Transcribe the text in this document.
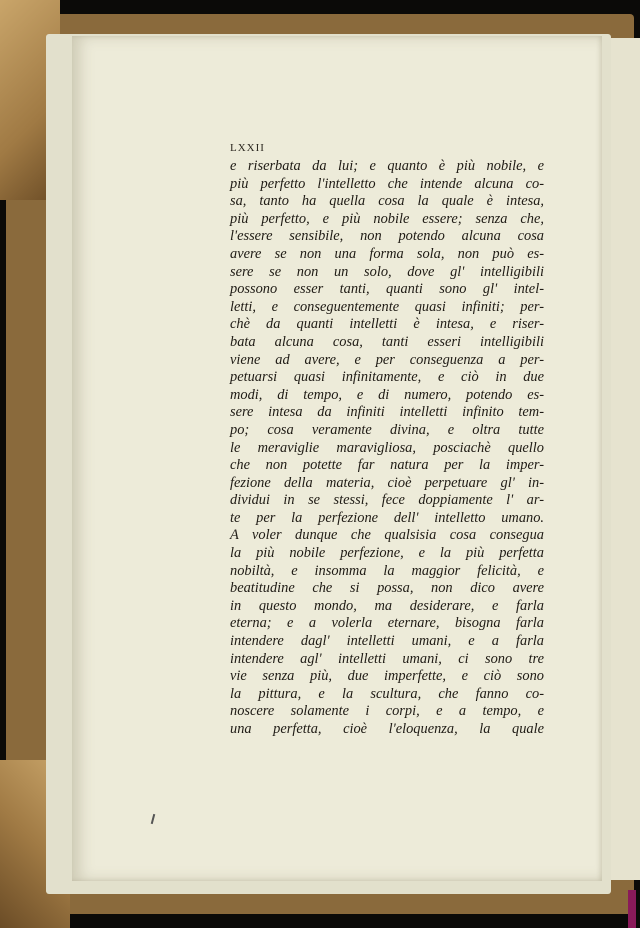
LXXII
e riserbata da lui; e quanto è più nobile, e
più perfetto l'intelletto che intende alcuna co-
sa, tanto ha quella cosa la quale è intesa,
più perfetto, e più nobile essere; senza che,
l'essere sensibile, non potendo alcuna cosa
avere se non una forma sola, non può es-
sere se non un solo, dove gl' intelligibili
possono esser tanti, quanti sono gl' intel-
letti, e conseguentemente quasi infiniti; per-
chè da quanti intelletti è intesa, e riser-
bata alcuna cosa, tanti esseri intelligibili
viene ad avere, e per conseguenza a per-
petuarsi quasi infinitamente, e ciò in due
modi, di tempo, e di numero, potendo es-
sere intesa da infiniti intelletti infinito tem-
po; cosa veramente divina, e oltra tutte
le meraviglie maravigliosa, posciachè quello
che non potette far natura per la imper-
fezione della materia, cioè perpetuare gl' in-
dividui in se stessi, fece doppiamente l' ar-
te per la perfezione dell' intelletto umano.
A voler dunque che qualsisia cosa consegua
la più nobile perfezione, e la più perfetta
nobiltà, e insomma la maggior felicità, e
beatitudine che si possa, non dico avere
in questo mondo, ma desiderare, e farla
eterna; e a volerla eternare, bisogna farla
intendere dagl' intelletti umani, e a farla
intendere agl' intelletti umani, ci sono tre
vie senza più, due imperfette, e ciò sono
la pittura, e la scultura, che fanno co-
noscere solamente i corpi, e a tempo, e
una perfetta, cioè l'eloquenza, la quale
